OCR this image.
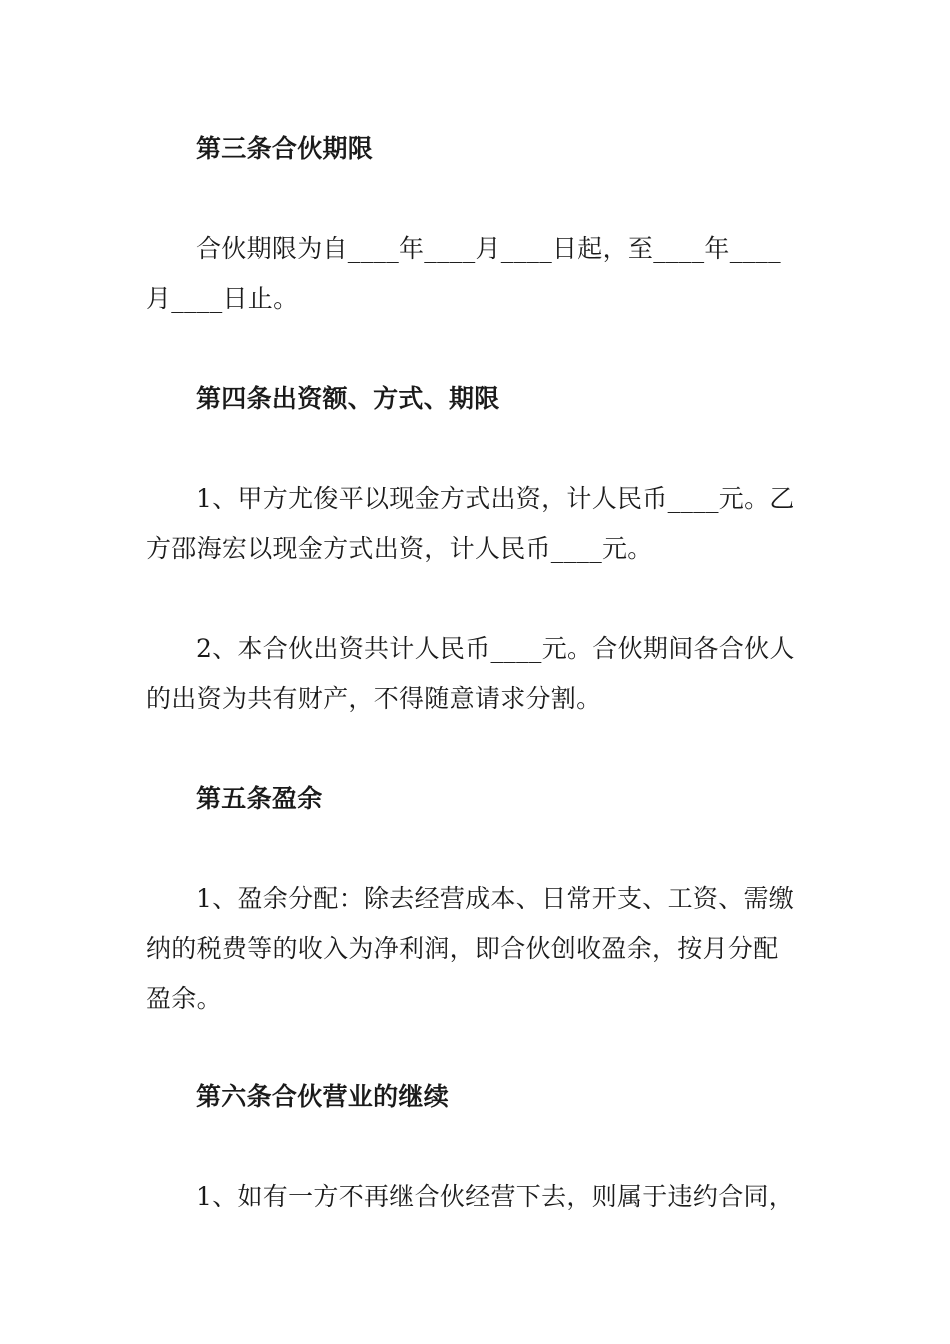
第三条合伙期限

合伙期限为自____年____月____日起，至____年____
月____日止。

第四条出资额、方式、期限

1、甲方尤俊平以现金方式出资，计人民币____元。乙
方邵海宏以现金方式出资，计人民币____元。

2、本合伙出资共计人民币____元。合伙期间各合伙人
的出资为共有财产，不得随意请求分割。

第五条盈余

1、盈余分配：除去经营成本、日常开支、工资、需缴
纳的税费等的收入为净利润，即合伙创收盈余，按月分配
盈余。

第六条合伙营业的继续

1、如有一方不再继合伙经营下去，则属于违约合同，
